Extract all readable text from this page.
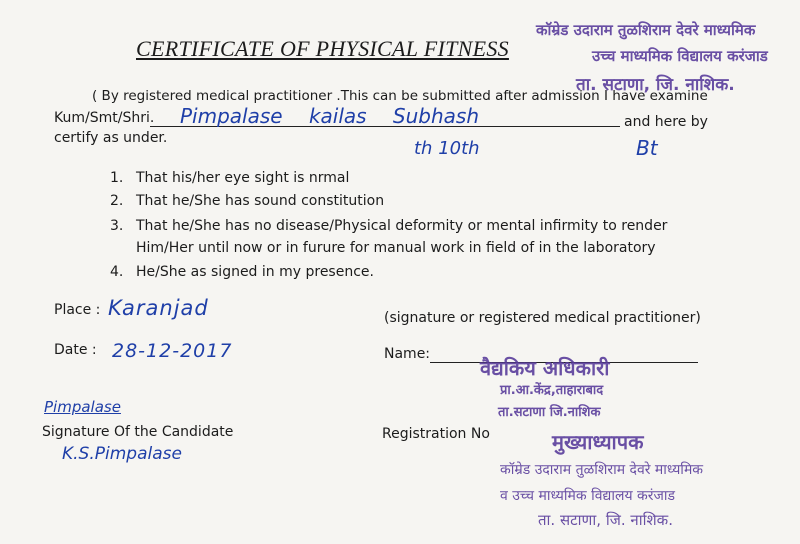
कॉम्रेड उदाराम तुळशिराम देवरे माध्यमिक
उच्च माध्यमिक विद्यालय करंजाड
ता. सटाणा, जि. नाशिक.
CERTIFICATE OF PHYSICAL FITNESS
( By registered medical practitioner .This can be submitted after admission I have examine
Kum/Smt/Shri. Pimpalase kailas Subhash	and here by
certify as under.	th 10th	Bt
1. That his/her eye sight is nrmal
2. That he/She has sound constitution
3. That he/She has no disease/Physical deformity or mental infirmity to render
Him/Her until now or in furure for manual work in field of in the laboratory
4. He/She as signed in my presence.
Place : Karanjad
Date : 28-12-2017
(signature or registered medical practitioner)
Name:
वैद्यकिय अधिकारी
प्रा.आ.केंद्र,ताहाराबाद
ता.सटाणा जि.नाशिक
Pimpalase
Signature Of the Candidate
K.S.Pimpalase
Registration No	मुख्याध्यापक
कॉम्रेड उदाराम तुळशिराम देवरे माध्यमिक
व उच्च माध्यमिक विद्यालय करंजाड
ता. सटाणा, जि. नाशिक.
